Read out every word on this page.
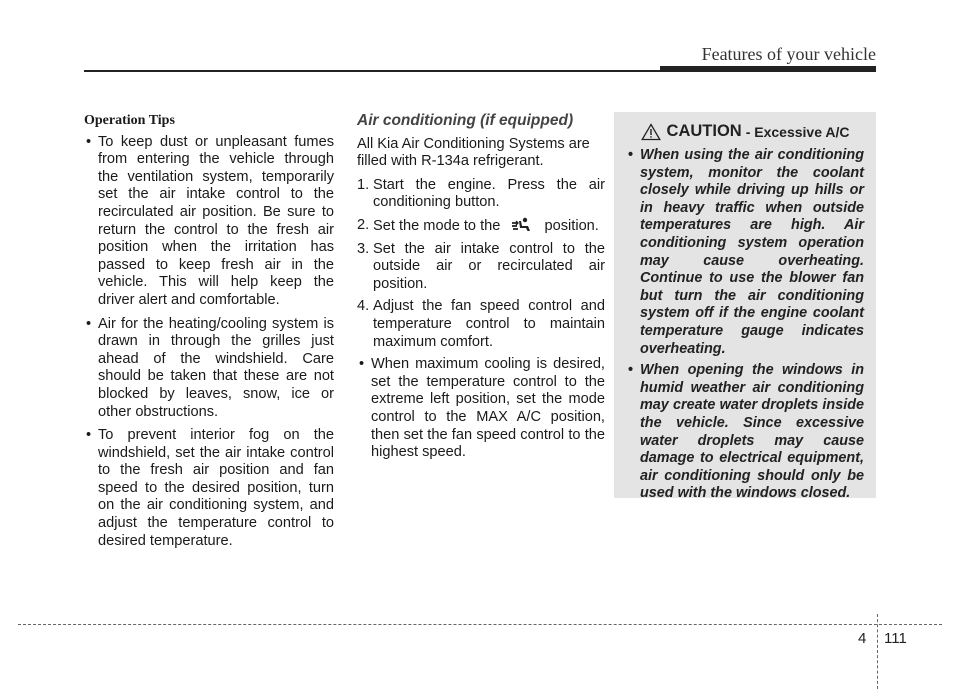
Features of your vehicle
Operation Tips
• To keep dust or unpleasant fumes from entering the vehicle through the ventilation system, temporarily set the air intake control to the recirculated air position. Be sure to return the control to the fresh air position when the irritation has passed to keep fresh air in the vehicle. This will help keep the driver alert and comfortable.
• Air for the heating/cooling system is drawn in through the grilles just ahead of the windshield. Care should be taken that these are not blocked by leaves, snow, ice or other obstructions.
• To prevent interior fog on the windshield, set the air intake control to the fresh air position and fan speed to the desired position, turn on the air conditioning system, and adjust the temperature control to desired temperature.
Air conditioning (if equipped)

All Kia Air Conditioning Systems are filled with R-134a refrigerant.

1. Start the engine. Press the air conditioning button.
2. Set the mode to the	position.
3. Set the air intake control to the outside air or recirculated air position.
4. Adjust the fan speed control and temperature control to maintain maximum comfort.
• When maximum cooling is desired, set the temperature control to the extreme left position, set the mode control to the MAX A/C position, then set the fan speed control to the highest speed.
CAUTION - Excessive A/C
• When using the air conditioning system, monitor the coolant closely while driving up hills or in heavy traffic when outside temperatures are high. Air conditioning system operation may cause overheating. Continue to use the blower fan but turn the air conditioning system off if the engine coolant temperature gauge indicates overheating.
• When opening the windows in humid weather air conditioning may create water droplets inside the vehicle. Since excessive water droplets may cause damage to electrical equipment, air conditioning should only be used with the windows closed.
4 111
